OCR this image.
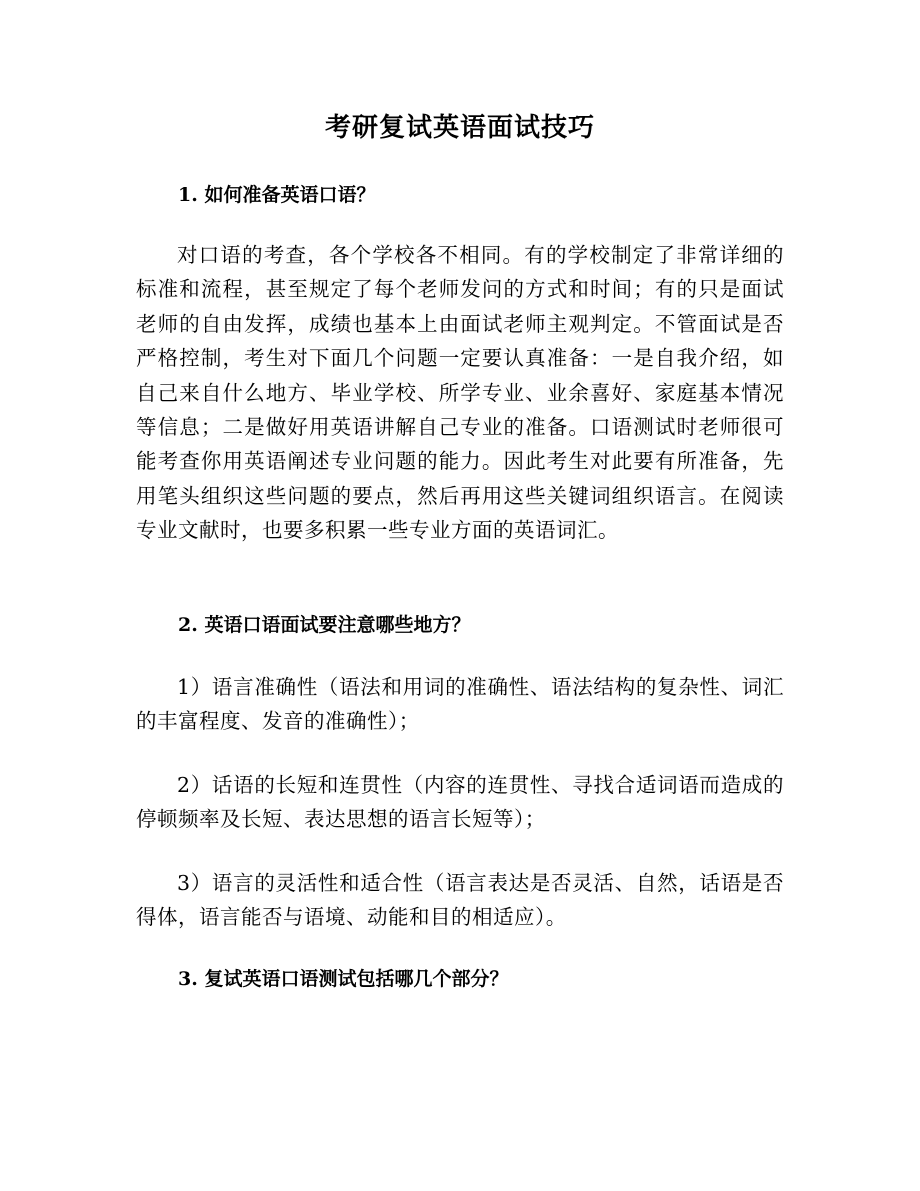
考研复试英语面试技巧
1. 如何准备英语口语？
对口语的考查，各个学校各不相同。有的学校制定了非常详细的标准和流程，甚至规定了每个老师发问的方式和时间；有的只是面试老师的自由发挥，成绩也基本上由面试老师主观判定。不管面试是否严格控制，考生对下面几个问题一定要认真准备：一是自我介绍，如自己来自什么地方、毕业学校、所学专业、业余喜好、家庭基本情况等信息；二是做好用英语讲解自己专业的准备。口语测试时老师很可能考查你用英语阐述专业问题的能力。因此考生对此要有所准备，先用笔头组织这些问题的要点，然后再用这些关键词组织语言。在阅读专业文献时，也要多积累一些专业方面的英语词汇。
2. 英语口语面试要注意哪些地方？
1）语言准确性（语法和用词的准确性、语法结构的复杂性、词汇的丰富程度、发音的准确性）；
2）话语的长短和连贯性（内容的连贯性、寻找合适词语而造成的停顿频率及长短、表达思想的语言长短等）；
3）语言的灵活性和适合性（语言表达是否灵活、自然，话语是否得体，语言能否与语境、动能和目的相适应）。
3. 复试英语口语测试包括哪几个部分？
